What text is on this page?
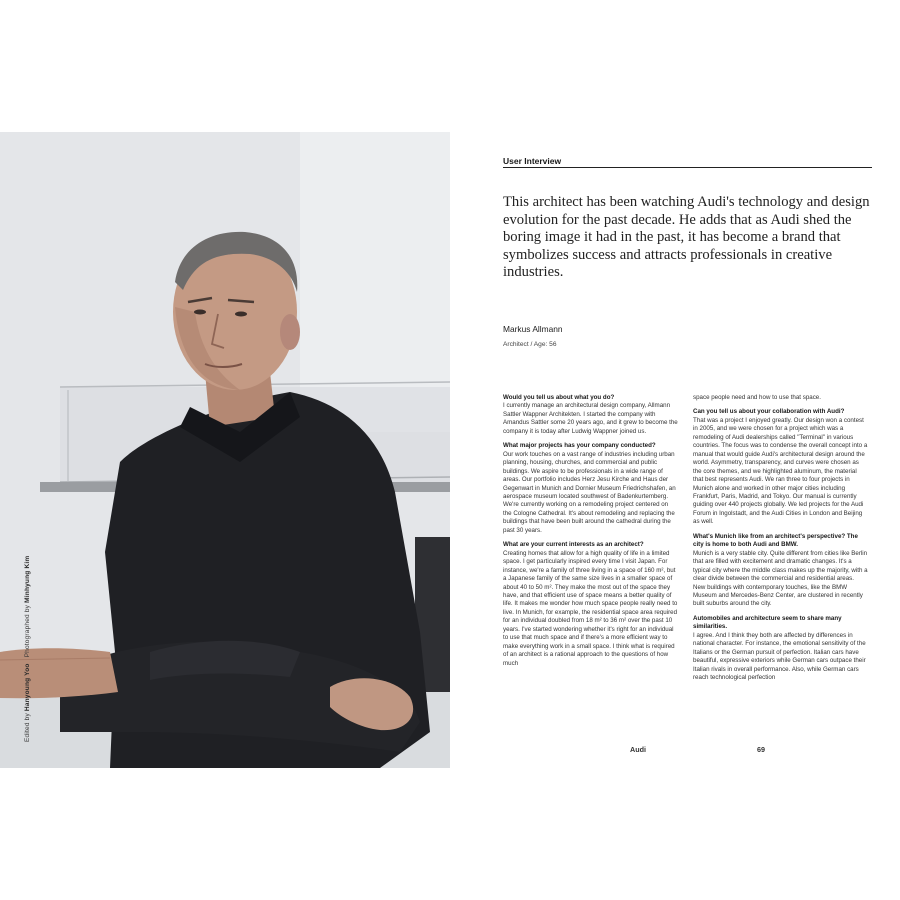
Edited by Hanyoung Yoo   Photographed by Minhyung Kim
User Interview

This architect has been watching Audi's technology and design evolution for the past decade. He adds that as Audi shed the boring image it had in the past, it has become a brand that symbolizes success and attracts professionals in creative industries.

Markus Allmann
Architect / Age: 56

Would you tell us about what you do?

I currently manage an architectural design company, Allmann Sattler Wappner Architekten. I started the company with Amandus Sattler some 20 years ago, and it grew to become the company it is today after Ludwig Wappner joined us.

What major projects has your company conducted?

Our work touches on a vast range of industries including urban planning, housing, churches, and commercial and public buildings. We aspire to be professionals in a wide range of areas. Our portfolio includes Herz Jesu Kirche and Haus der Gegenwart in Munich and Dornier Museum Friedrichshafen, an aerospace museum located southwest of Badenkurtemberg. We're currently working on a remodeling project centered on the Cologne Cathedral. It's about remodeling and replacing the buildings that have been built around the cathedral during the past 30 years.

What are your current interests as an architect?

Creating homes that allow for a high quality of life in a limited space. I get particularly inspired every time I visit Japan. For instance, we're a family of three living in a space of 160 m², but a Japanese family of the same size lives in a smaller space of about 40 to 50 m². They make the most out of the space they have, and that efficient use of space means a better quality of life. It makes me wonder how much space people really need to live. In Munich, for example, the residential space area required for an individual doubled from 18 m² to 36 m² over the past 10 years. I've started wondering whether it's right for an individual to use that much space and if there's a more efficient way to make everything work in a small space. I think what is required of an architect is a rational approach to the questions of how much

space people need and how to use that space.

Can you tell us about your collaboration with Audi?

That was a project I enjoyed greatly. Our design won a contest in 2005, and we were chosen for a project which was a remodeling of Audi dealerships called "Terminal" in various countries. The focus was to condense the overall concept into a manual that would guide Audi's architectural design around the world. Asymmetry, transparency, and curves were chosen as the core themes, and we highlighted aluminum, the material that best represents Audi. We ran three to four projects in Munich alone and worked in other major cities including Frankfurt, Paris, Madrid, and Tokyo. Our manual is currently guiding over 440 projects globally. We led projects for the Audi Forum in Ingolstadt, and the Audi Cities in London and Beijing as well.

What's Munich like from an architect's perspective? The city is home to both Audi and BMW.

Munich is a very stable city. Quite different from cities like Berlin that are filled with excitement and dramatic changes. It's a typical city where the middle class makes up the majority, with a clear divide between the commercial and residential areas. New buildings with contemporary touches, like the BMW Museum and Mercedes-Benz Center, are clustered in recently built suburbs around the city.

Automobiles and architecture seem to share many similarities.

I agree. And I think they both are affected by differences in national character. For instance, the emotional sensitivity of the Italians or the German pursuit of perfection. Italian cars have beautiful, expressive exteriors while German cars outpace their Italian rivals in overall performance. Also, while German cars reach technological perfection

Audi	69
